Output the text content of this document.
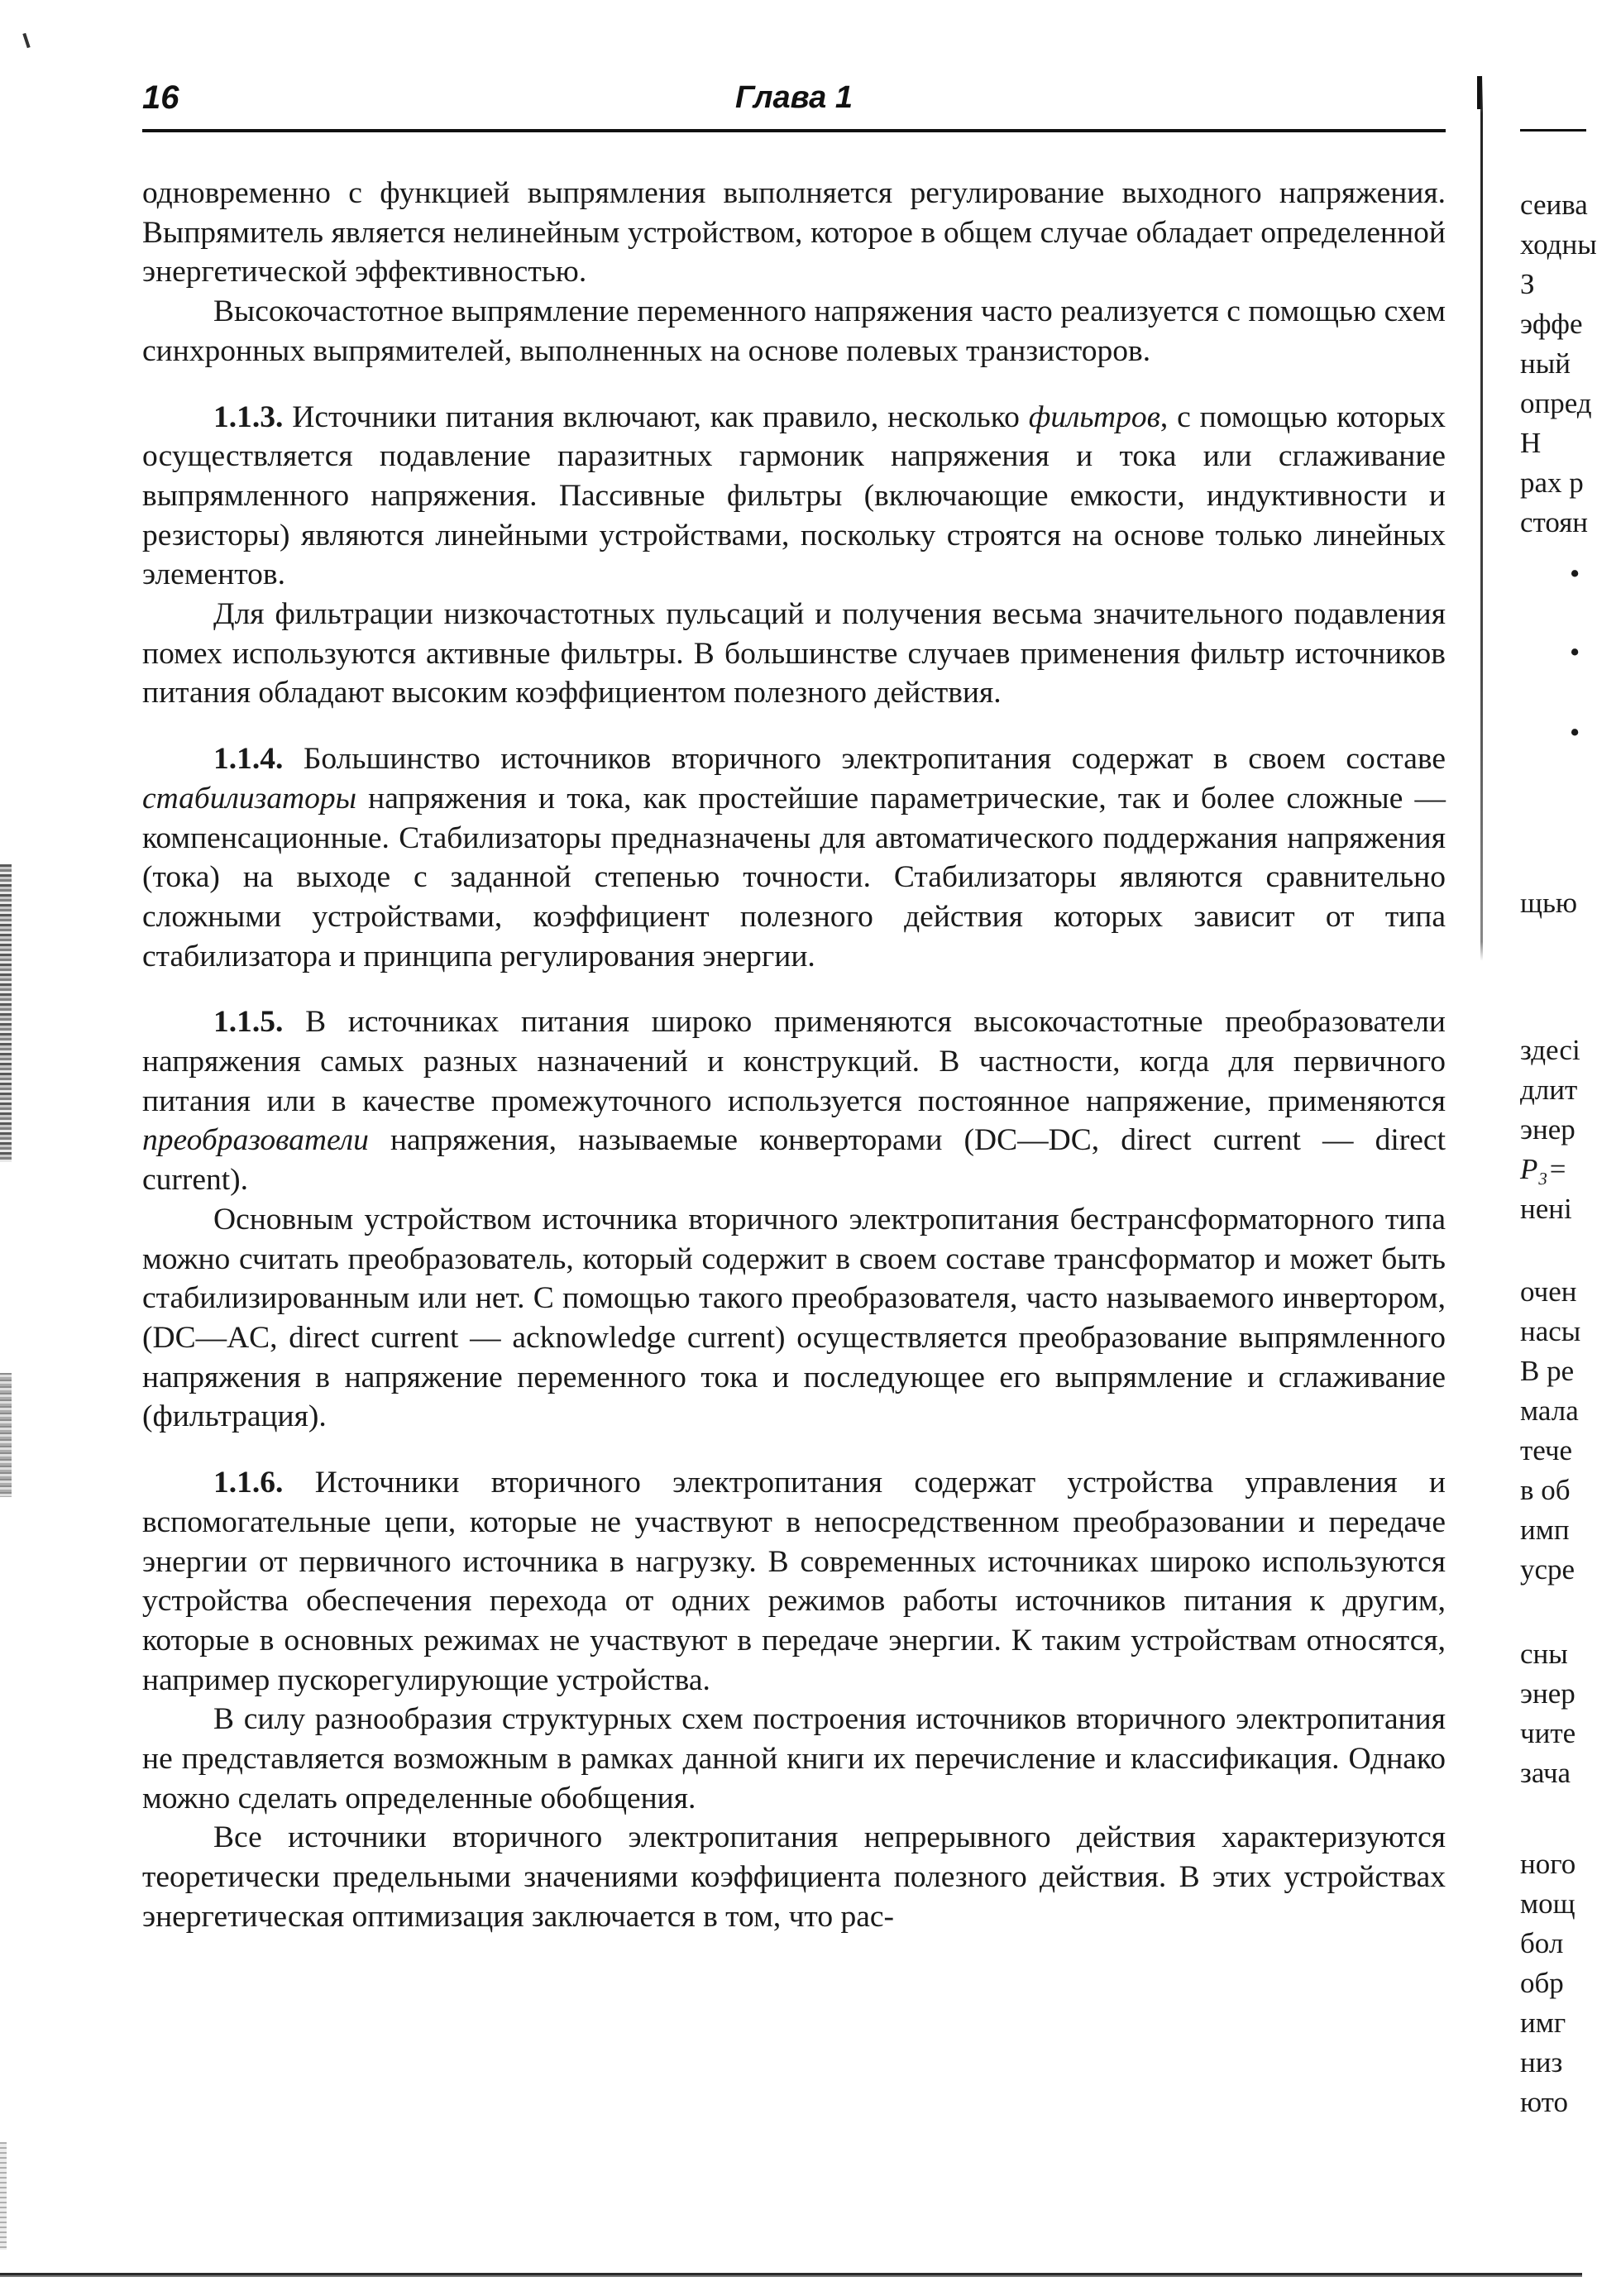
16	Глава 1

одновременно с функцией выпрямления выполняется регулирование выходного напряжения. Выпрямитель является нелинейным устройством, которое в общем случае обладает определенной энергетической эффективностью.

Высокочастотное выпрямление переменного напряжения часто реализуется с помощью схем синхронных выпрямителей, выполненных на основе полевых транзисторов.

1.1.3. Источники питания включают, как правило, несколько фильтров, с помощью которых осуществляется подавление паразитных гармоник напряжения и тока или сглаживание выпрямленного напряжения. Пассивные фильтры (включающие емкости, индуктивности и резисторы) являются линейными устройствами, поскольку строятся на основе только линейных элементов.

Для фильтрации низкочастотных пульсаций и получения весьма значительного подавления помех используются активные фильтры. В большинстве случаев применения фильтр источников питания обладают высоким коэффициентом полезного действия.

1.1.4. Большинство источников вторичного электропитания содержат в своем составе стабилизаторы напряжения и тока, как простейшие параметрические, так и более сложные — компенсационные. Стабилизаторы предназначены для автоматического поддержания напряжения (тока) на выходе с заданной степенью точности. Стабилизаторы являются сравнительно сложными устройствами, коэффициент полезного действия которых зависит от типа стабилизатора и принципа регулирования энергии.

1.1.5. В источниках питания широко применяются высокочастотные преобразователи напряжения самых разных назначений и конструкций. В частности, когда для первичного питания или в качестве промежуточного используется постоянное напряжение, применяются преобразователи напряжения, называемые конверторами (DC—DC, direct current — direct current).

Основным устройством источника вторичного электропитания бестрансформаторного типа можно считать преобразователь, который содержит в своем составе трансформатор и может быть стабилизированным или нет. С помощью такого преобразователя, часто называемого инвертором, (DC—AC, direct current — acknowledge current) осуществляется преобразование выпрямленного напряжения в напряжение переменного тока и последующее его выпрямление и сглаживание (фильтрация).

1.1.6. Источники вторичного электропитания содержат устройства управления и вспомогательные цепи, которые не участвуют в непосредственном преобразовании и передаче энергии от первичного источника в нагрузку. В современных источниках широко используются устройства обеспечения перехода от одних режимов работы источников питания к другим, которые в основных режимах не участвуют в передаче энергии. К таким устройствам относятся, например пускорегулирующие устройства.

В силу разнообразия структурных схем построения источников вторичного электропитания не представляется возможным в рамках данной книги их перечисление и классификация. Однако можно сделать определенные обобщения.

Все источники вторичного электропитания непрерывного действия характеризуются теоретически предельными значениями коэффициента полезного действия. В этих устройствах энергетическая оптимизация заключается в том, что рас-

сеива
ходны
З
эффе
ный
опред
Н
рах р
стоян
•
•
•
щью
здесі
длит
энер
P₃=
нені
очен
насы
В ре
мала
тече
в об
имп
усре
сны
энер
чите
зача
ного
мощ
бол
обр
имг
низ
юто
